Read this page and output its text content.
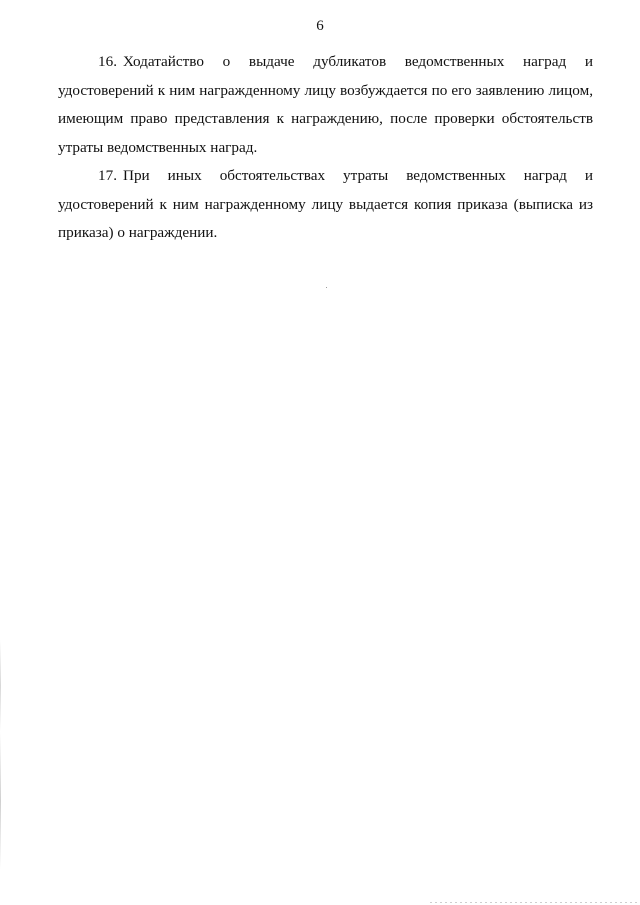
6

16. Ходатайство о выдаче дубликатов ведомственных наград и удостоверений к ним награжденному лицу возбуждается по его заявлению лицом, имеющим право представления к награждению, после проверки обстоятельств утраты ведомственных наград.

17. При иных обстоятельствах утраты ведомственных наград и удостоверений к ним награжденному лицу выдается копия приказа (выписка из приказа) о награждении.
